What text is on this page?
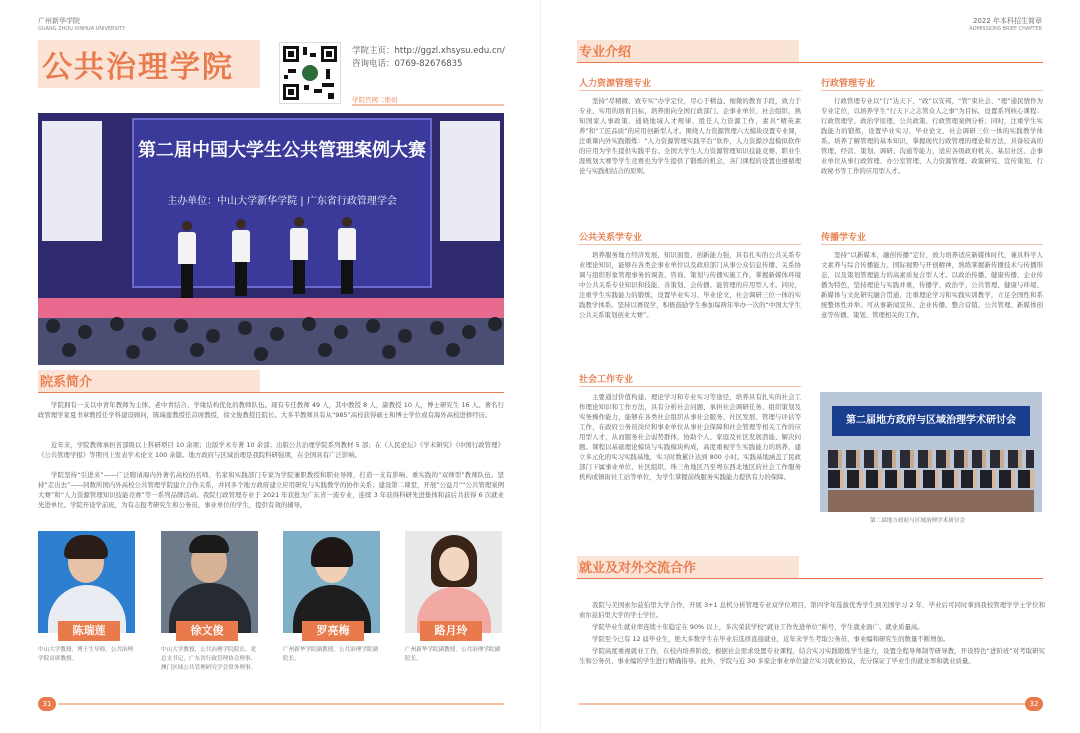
广州新华学院
GUANG ZHOU XINHUA UNIVERSITY
公共治理学院	学院主页：http://ggzl.xhsysu.edu.cn/
咨询电话：0769-82676835
学院官网二维码
第二届中国大学生公共管理案例大赛
主办单位：中山大学新华学院 | 广东省行政管理学会
院系简介
学院拥有一支以中青年教师为主体、老中青结合、学缘结构优化的教师队伍。现有专任教师 49 人，其中教授 8 人，副教授 10 人，博士研究生 16 人。著名行政管理学家夏书章教授任学科建设顾问，陈瑞莲教授任首席教授，徐文俊教授任院长。大多半教师具有从“985”高校获得硕士和博士学位或有海外高校进修经历。
近年来，学院教师承担省部级以上科研项目 10 余项；出版学术专著 10 余部；出版公共治理学院系列教材 5 部；在《人民论坛》《学术研究》《中国行政管理》《公共管理学报》等期刊上发表学术论文 100 余篇。地方政府与区域治理是我院科研强项，在全国具有广泛影响。
学院坚持“引进来”——广泛聘请海内外著名高校的名师、名家和实践部门专家为学院兼职教授和职业导师，打造一支有影响、重实践的“双师型”教师队伍。坚持“走出去”——同数所国内外高校公共管理学院建立合作关系，并同多个地方政府建立应用研究与实践教学的协作关系；建设第二课堂，开展“公益月”“公共管理案例大赛”和“人力资源管理知识技能竞赛”等一系列品牌活动。我院行政管理专业于 2021 年获批为广东省一流专业，连续 3 年获得科研先进集体和前后共获得 6 次就业先进单位。学院开设学前班，为有志报考研究生和公务员、事业单位的学生，提供有效的辅导。
陈瑞莲
中山大学教授、博士生导师，公共治理学院首席教授。
徐文俊
中山大学教授，公共治理学院院长、党总支书记，广东省行政管理协会理事、澳门区域公共管理研究学会常务理事。
罗亮梅
广州新华学院副教授，公共治理学院副院长。
路月玲
广州新华学院副教授，公共治理学院副院长。
31
2022 年本科招生简章
ADMISSIONS BRIEF CHAPTER
专业介绍
人力资源管理专业
坚持“尽精微、致专实”办学定位，尽心于精益、细微的教育手段，致力于专业、实用的培育目标，培养面向全国行政部门、企事业单位、社会组织，熟知国家人事政策、通晓地域人才规律，胜任人力资源工作，素具“精英素养”和“工匠品质”的应用创新型人才。围绕人力资源管理六大模块设置专业课，注重课内外实践锻炼：“人力资源管理实践平台”软件，人力资源沙盘模拟软件的应用为学生提供实践平台。全国大学生人力资源管理知识技能竞赛、职业生涯规划大赛等学生竞赛也为学生提供了锻炼的机会，各门课程的设置也遵循理论与实践相结合的原则。
行政管理专业
行政管理专业以“行”达天下、“政”以安邦、“管”束社会、“理”通民情作为专业定位，以培养学生“行天下之志管众人之事”为目标，设置系列核心课程：行政管理学、政治学原理、公共政策、行政管理案例分析；同时，注重学生实践能力的锻炼，设置毕业实习、毕业论文、社会调研三位一体的实践教学体系。培养了解管理的基本知识，掌握现代行政管理的理论和方法，具备较高的管理、经营、策划、调研、沟通等能力，适应各级政府机关、基层社区、企事业单位从事行政管理、办公室管理、人力资源管理、政策研究、宣传策划、行政秘书等工作的应用型人才。
公共关系学专业
培养服务地方经济发展，知识面宽、创新能力强，具有扎实的公共关系专业理论知识，能够在各类企事业单位以及政府部门从事公众信息传播、关系协调与组织形象管理事务的调查、咨询、策划与传播实施工作，掌握新媒体环境中公共关系专业知识和技能、善策划、会传播、能管理的应用型人才。同时，注重学生实践能力的锻炼，设置毕业实习、毕业论文、社会调研三位一体的实践教学体系。坚持以赛促学，积极鼓励学生参加每两年举办一次的“中国大学生公共关系策划创业大赛”。
传播学专业
坚持“以新媒本，融创传播”定位，致力培养适应新媒体时代，兼具科学人文素养与综合传播能力、国际视野与开创精神，熟练掌握新传播技术与传播形态，以及策划管理能力的高素质复合型人才。以政治传播、健康传播、企业传播为特色，坚持理论与实践并重，传播学、政治学、公共管理、健康与环境、新媒体与文化研究融合贯通，注重理论学习和实践实训教学，立足全国性和系统整体性并举。可从事新闻宣传、企业传播、整合营销、公共管理、新媒体创意等传播、策划、管理相关的工作。
社会工作专业
主要通过价值构建、理论学习和专业实习等途径，培养具有扎实的社会工作理论知识和工作方法，具有分析社会问题、承担社会调研任务、组织策划及实务操作能力，能够在各类社会组织从事社会服务、社区发展、管理与评估等工作，在政府公务员岗位和事业单位从事社会保障和社会管理等相关工作的应用型人才，从而服务社会弱势群体，协助个人、家庭及社区发展潜能、解决问题。课程以基础理论模块与实践模块构成，高度重视学生实践能力的培养，建立多元化的实习实践基地，实习时数累计达到 800 小时。实践基地涵盖了民政部门下属事业单位、社区组织、珠三角地区乃至粤东西北地区的社会工作服务机构或镇街社工站等单位，为学生掌握前线服务实践能力提供有力的保障。
就业及对外交流合作
我院与美国索尔兹伯里大学合作，开展 3+1 息机分析管理专业双学位项目，第四学年选拔优秀学生到美国学习 2 年，毕业后可同时拿到我校管理学学士学位和索尔兹伯里大学的学士学位。
学院毕业生就业率连续十年稳定在 90% 以上，多次荣获学校“就业工作先进单位”称号，学生就业面广、就业质量高。
学院至今已有 12 届毕业生，绝大多数学生在毕业后选择直接就业，近年来学生考取公务员、事业编和研究生的数量不断增加。
学院高度重视就业工作，在校内培养阶段，根据社会需求设置专业课程，结合实习实践锻炼学生能力，设置全程导师制等研导教，开设特色“进阶班”对考取研究生和公务员、事业编的学生进行精确指导。此外，学院与近 30 多家企事业单位建立实习就业协议，充分保证了毕业生的就业率和就业质量。
32
第二届地方政府与区域治理学术研讨会
第二届地方政府与区域治理学术研讨会
